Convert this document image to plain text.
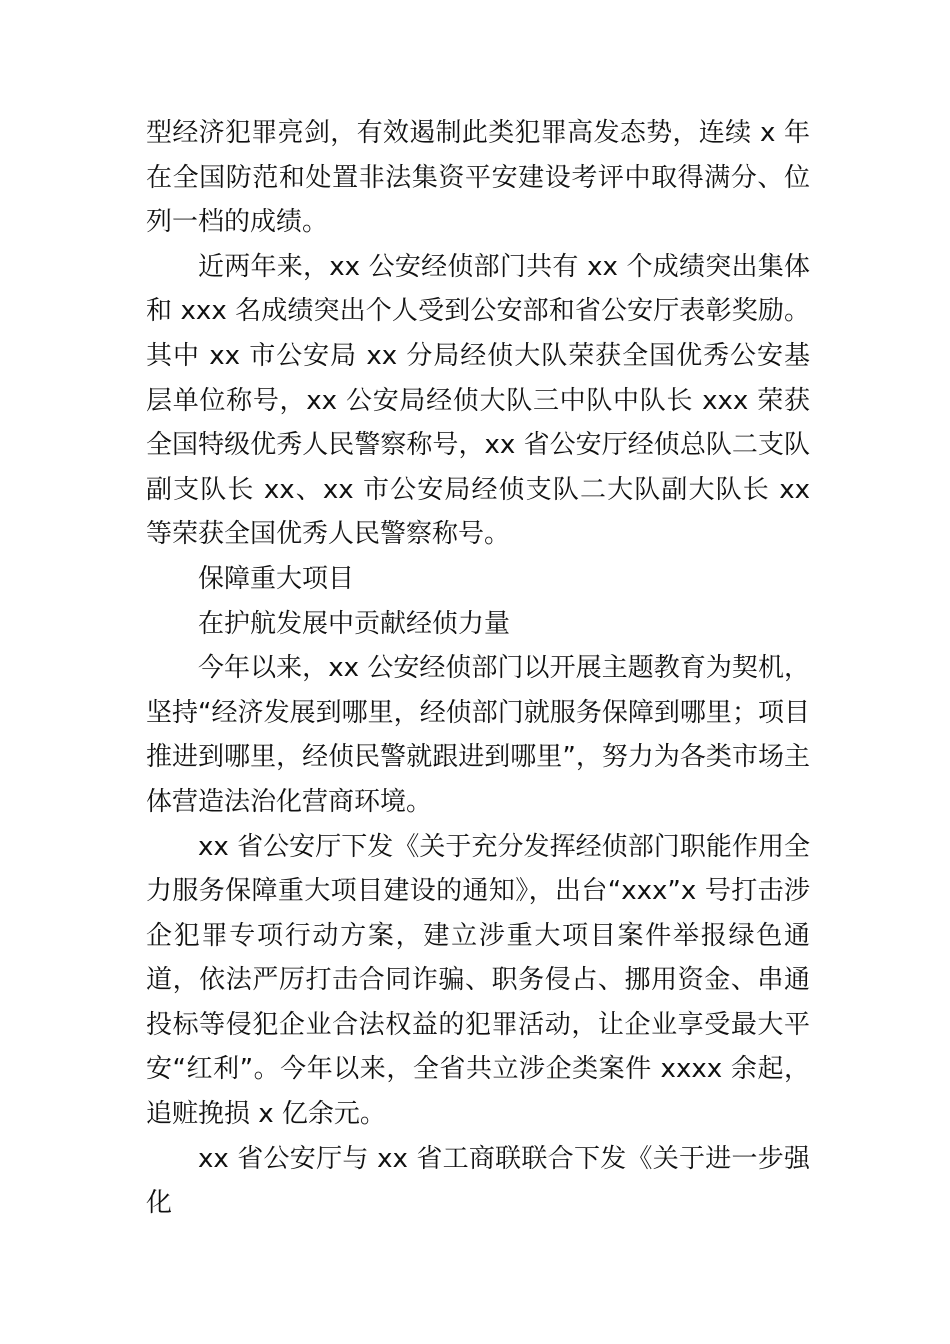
型经济犯罪亮剑，有效遏制此类犯罪高发态势，连续 x 年在全国防范和处置非法集资平安建设考评中取得满分、位列一档的成绩。

近两年来，xx 公安经侦部门共有 xx 个成绩突出集体和 xxx 名成绩突出个人受到公安部和省公安厅表彰奖励。其中 xx 市公安局 xx 分局经侦大队荣获全国优秀公安基层单位称号，xx 公安局经侦大队三中队中队长 xxx 荣获全国特级优秀人民警察称号，xx 省公安厅经侦总队二支队副支队长 xx、xx 市公安局经侦支队二大队副大队长 xx 等荣获全国优秀人民警察称号。

保障重大项目

在护航发展中贡献经侦力量

今年以来，xx 公安经侦部门以开展主题教育为契机，坚持“经济发展到哪里，经侦部门就服务保障到哪里；项目推进到哪里，经侦民警就跟进到哪里”，努力为各类市场主体营造法治化营商环境。

xx 省公安厅下发《关于充分发挥经侦部门职能作用全力服务保障重大项目建设的通知》，出台“xxx”x 号打击涉企犯罪专项行动方案，建立涉重大项目案件举报绿色通道，依法严厉打击合同诈骗、职务侵占、挪用资金、串通投标等侵犯企业合法权益的犯罪活动，让企业享受最大平安“红利”。今年以来，全省共立涉企类案件 xxxx 余起，追赃挽损 x 亿余元。

xx 省公安厅与 xx 省工商联联合下发《关于进一步强化
